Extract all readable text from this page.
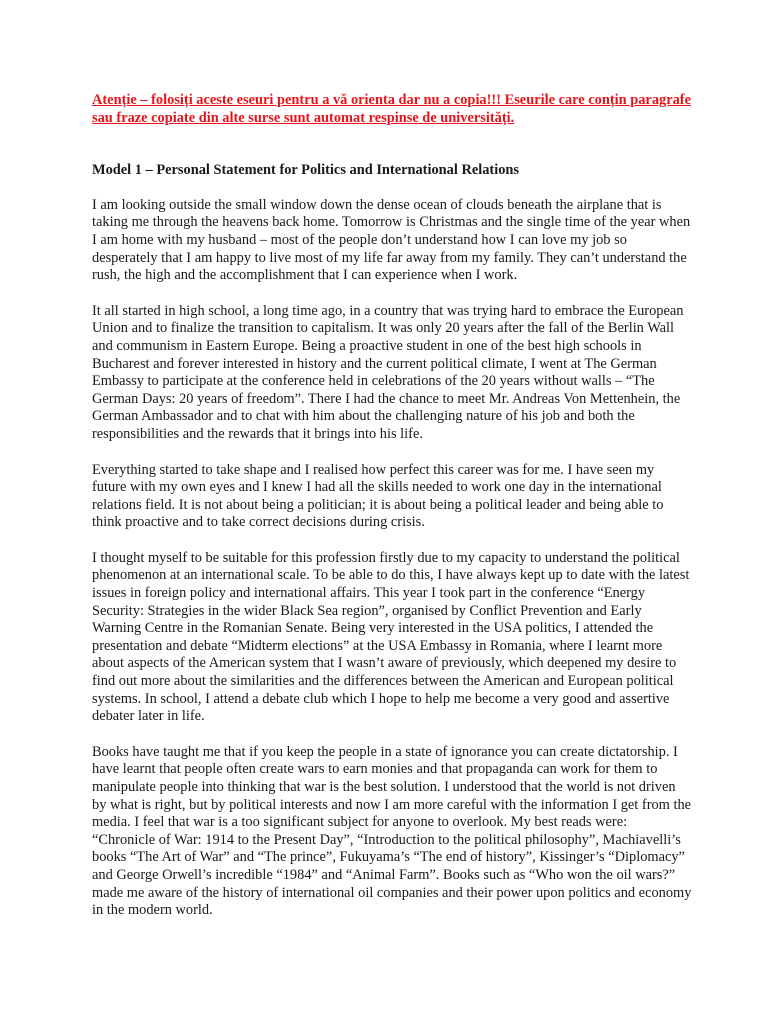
Atenție – folosiți aceste eseuri pentru a vă orienta dar nu a copia!!! Eseurile care conțin paragrafe sau fraze copiate din alte surse sunt automat respinse de universități.

Model 1 – Personal Statement for Politics and International Relations

I am looking outside the small window down the dense ocean of clouds beneath the airplane that is taking me through the heavens back home. Tomorrow is Christmas and the single time of the year when I am home with my husband – most of the people don’t understand how I can love my job so desperately that I am happy to live most of my life far away from my family. They can’t understand the rush, the high and the accomplishment that I can experience when I work.

It all started in high school, a long time ago, in a country that was trying hard to embrace the European Union and to finalize the transition to capitalism. It was only 20 years after the fall of the Berlin Wall and communism in Eastern Europe. Being a proactive student in one of the best high schools in Bucharest and forever interested in history and the current political climate, I went at The German Embassy to participate at the conference held in celebrations of the 20 years without walls – “The German Days: 20 years of freedom”. There I had the chance to meet Mr. Andreas Von Mettenhein, the German Ambassador and to chat with him about the challenging nature of his job and both the responsibilities and the rewards that it brings into his life.

Everything started to take shape and I realised how perfect this career was for me. I have seen my future with my own eyes and I knew I had all the skills needed to work one day in the international relations field. It is not about being a politician; it is about being a political leader and being able to think proactive and to take correct decisions during crisis.

I thought myself to be suitable for this profession firstly due to my capacity to understand the political phenomenon at an international scale. To be able to do this, I have always kept up to date with the latest issues in foreign policy and international affairs. This year I took part in the conference “Energy Security: Strategies in the wider Black Sea region”, organised by Conflict Prevention and Early Warning Centre in the Romanian Senate. Being very interested in the USA politics, I attended the presentation and debate “Midterm elections” at the USA Embassy in Romania, where I learnt more about aspects of the American system that I wasn’t aware of previously, which deepened my desire to find out more about the similarities and the differences between the American and European political systems. In school, I attend a debate club which I hope to help me become a very good and assertive debater later in life.

Books have taught me that if you keep the people in a state of ignorance you can create dictatorship. I have learnt that people often create wars to earn monies and that propaganda can work for them to manipulate people into thinking that war is the best solution. I understood that the world is not driven by what is right, but by political interests and now I am more careful with the information I get from the media. I feel that war is a too significant subject for anyone to overlook. My best reads were: “Chronicle of War: 1914 to the Present Day”, “Introduction to the political philosophy”, Machiavelli’s books “The Art of War” and “The prince”, Fukuyama’s “The end of history”, Kissinger’s “Diplomacy” and George Orwell’s incredible “1984” and “Animal Farm”. Books such as “Who won the oil wars?” made me aware of the history of international oil companies and their power upon politics and economy in the modern world.
